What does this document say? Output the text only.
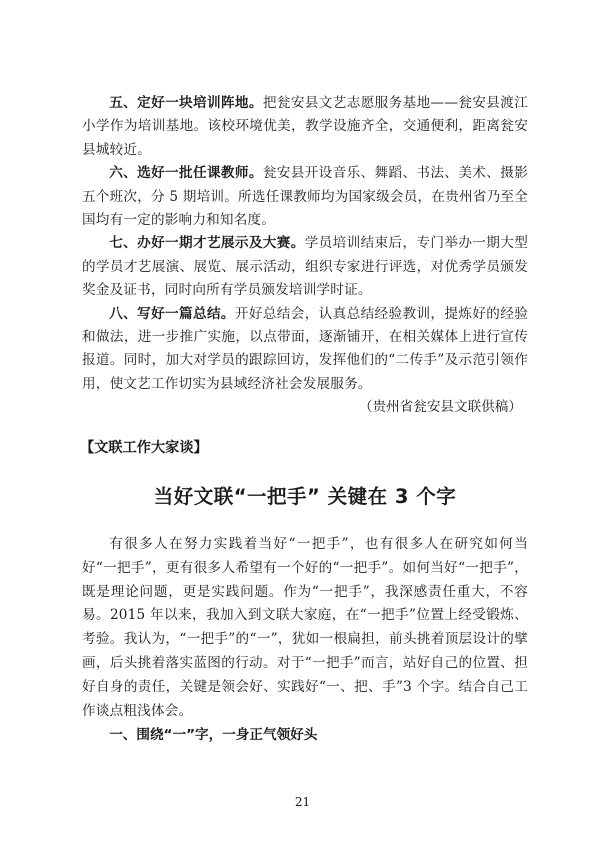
五、定好一块培训阵地。把瓮安县文艺志愿服务基地——瓮安县渡江小学作为培训基地。该校环境优美，教学设施齐全，交通便利，距离瓮安县城较近。

六、选好一批任课教师。瓮安县开设音乐、舞蹈、书法、美术、摄影五个班次，分 5 期培训。所选任课教师均为国家级会员，在贵州省乃至全国均有一定的影响力和知名度。

七、办好一期才艺展示及大赛。学员培训结束后，专门举办一期大型的学员才艺展演、展览、展示活动，组织专家进行评选，对优秀学员颁发奖金及证书，同时向所有学员颁发培训学时证。

八、写好一篇总结。开好总结会，认真总结经验教训，提炼好的经验和做法，进一步推广实施，以点带面，逐渐铺开，在相关媒体上进行宣传报道。同时，加大对学员的跟踪回访，发挥他们的“二传手”及示范引领作用，使文艺工作切实为县域经济社会发展服务。

（贵州省瓮安县文联供稿）

【文联工作大家谈】
当好文联“一把手” 关键在 3 个字

有很多人在努力实践着当好“一把手”，也有很多人在研究如何当好“一把手”，更有很多人希望有一个好的“一把手”。如何当好“一把手”，既是理论问题，更是实践问题。作为“一把手”，我深感责任重大，不容易。2015 年以来，我加入到文联大家庭，在“一把手”位置上经受锻炼、考验。我认为，“一把手”的“一”，犹如一根扁担，前头挑着顶层设计的擘画，后头挑着落实蓝图的行动。对于“一把手”而言，站好自己的位置、担好自身的责任，关键是领会好、实践好“一、把、手”3 个字。结合自己工作谈点粗浅体会。

一、围绕“一”字，一身正气领好头

21
